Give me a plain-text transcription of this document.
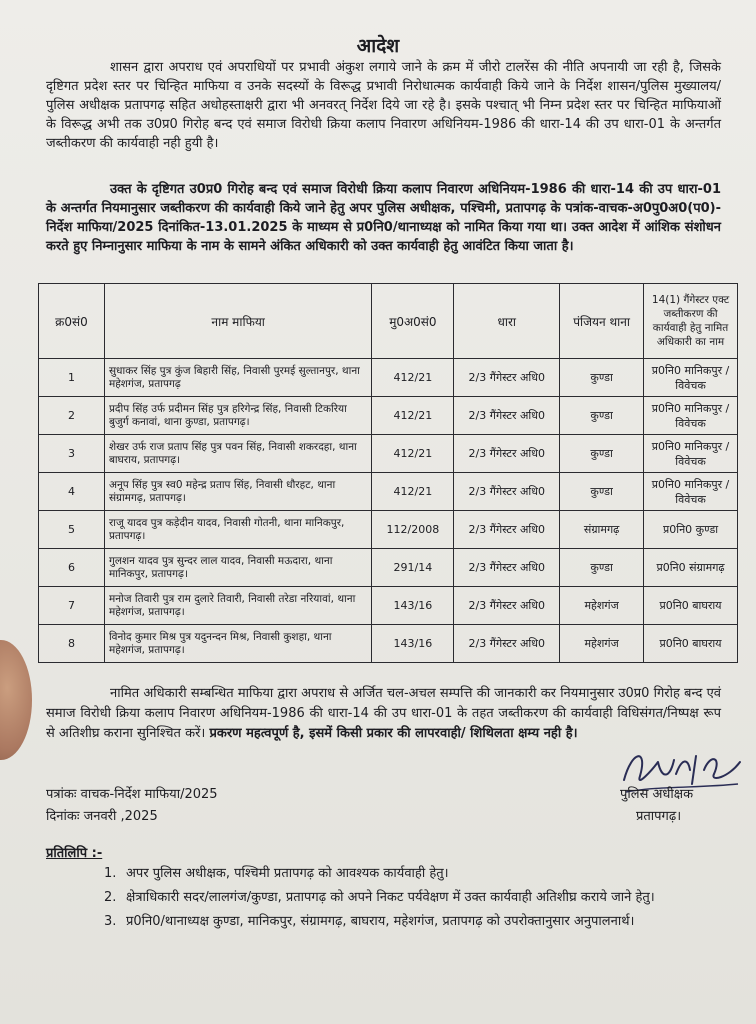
आदेश

शासन द्वारा अपराध एवं अपराधियों पर प्रभावी अंकुश लगाये जाने के क्रम में जीरो टालरेंस की नीति अपनायी जा रही है, जिसके दृष्टिगत प्रदेश स्तर पर चिन्हित माफिया व उनके सदस्यों के विरूद्ध प्रभावी निरोधात्मक कार्यवाही किये जाने के निर्देश शासन/पुलिस मुख्यालय/पुलिस अधीक्षक प्रतापगढ़ सहित अधोहस्ताक्षरी द्वारा भी अनवरत् निर्देश दिये जा रहे है। इसके पश्चात् भी निम्न प्रदेश स्तर पर चिन्हित माफियाओं के विरूद्ध अभी तक उ0प्र0 गिरोह बन्द एवं समाज विरोधी क्रिया कलाप निवारण अधिनियम-1986 की धारा-14 की उप धारा-01 के अन्तर्गत जब्तीकरण की कार्यवाही नही हुयी है।

उक्त के दृष्टिगत उ0प्र0 गिरोह बन्द एवं समाज विरोधी क्रिया कलाप निवारण अधिनियम-1986 की धारा-14 की उप धारा-01 के अन्तर्गत नियमानुसार जब्तीकरण की कार्यवाही किये जाने हेतु अपर पुलिस अधीक्षक, पश्चिमी, प्रतापगढ़ के पत्रांक-वाचक-अ0पु0अ0(प0)-निर्देश माफिया/2025 दिनांकित-13.01.2025 के माध्यम से प्र0नि0/थानाध्यक्ष को नामित किया गया था। उक्त आदेश में आंशिक संशोधन करते हुए निम्नानुसार माफिया के नाम के सामने अंकित अधिकारी को उक्त कार्यवाही हेतु आवंटित किया जाता है।

क्र0सं0	नाम माफिया	मु0अ0सं0	धारा	पंजियन थाना	14(1) गैंगेस्टर एक्ट जब्तीकरण की कार्यवाही हेतु नामित अधिकारी का नाम
1	सुधाकर सिंह पुत्र कुंज बिहारी सिंह, निवासी पुरमई सुल्तानपुर, थाना महेशगंज, प्रतापगढ़	412/21	2/3 गैंगेस्टर अधि0	कुण्डा	प्र0नि0 मानिकपुर /विवेचक
2	प्रदीप सिंह उर्फ प्रदीमन सिंह पुत्र हरिगेन्द्र सिंह, निवासी टिकरिया बुजुर्ग कनावां, थाना कुण्डा, प्रतापगढ़।	412/21	2/3 गैंगेस्टर अधि0	कुण्डा	प्र0नि0 मानिकपुर /विवेचक
3	शेखर उर्फ राज प्रताप सिंह पुत्र पवन सिंह, निवासी शकरदहा, थाना बाघराय, प्रतापगढ़।	412/21	2/3 गैंगेस्टर अधि0	कुण्डा	प्र0नि0 मानिकपुर /विवेचक
4	अनूप सिंह पुत्र स्व0 महेन्द्र प्रताप सिंह, निवासी धौरहट, थाना संग्रामगढ़, प्रतापगढ़।	412/21	2/3 गैंगेस्टर अधि0	कुण्डा	प्र0नि0 मानिकपुर /विवेचक
5	राजू यादव पुत्र कड़ेदीन यादव, निवासी गोतनी, थाना मानिकपुर, प्रतापगढ़।	112/2008	2/3 गैंगेस्टर अधि0	संग्रामगढ़	प्र0नि0 कुण्डा
6	गुलशन यादव पुत्र सुन्दर लाल यादव, निवासी मऊदारा, थाना मानिकपुर, प्रतापगढ़।	291/14	2/3 गैंगेस्टर अधि0	कुण्डा	प्र0नि0 संग्रामगढ़
7	मनोज तिवारी पुत्र राम दुलारे तिवारी, निवासी तरेडा नरियावां, थाना महेशगंज, प्रतापगढ़।	143/16	2/3 गैंगेस्टर अधि0	महेशगंज	प्र0नि0 बाघराय
8	विनोद कुमार मिश्र पुत्र यदुनन्दन मिश्र, निवासी कुशहा, थाना महेशगंज, प्रतापगढ़।	143/16	2/3 गैंगेस्टर अधि0	महेशगंज	प्र0नि0 बाघराय

नामित अधिकारी सम्बन्धित माफिया द्वारा अपराध से अर्जित चल-अचल सम्पत्ति की जानकारी कर नियमानुसार उ0प्र0 गिरोह बन्द एवं समाज विरोधी क्रिया कलाप निवारण अधिनियम-1986 की धारा-14 की उप धारा-01 के तहत जब्तीकरण की कार्यवाही विधिसंगत/निष्पक्ष रूप से अतिशीघ्र कराना सुनिश्चित करें। प्रकरण महत्वपूर्ण है, इसमें किसी प्रकार की लापरवाही/ शिथिलता क्षम्य नही है।

पत्रांकः वाचक-निर्देश माफिया/2025
दिनांकः जनवरी ,2025
पुलिस अधीक्षक
प्रतापगढ़।
प्रतिलिपि :-
1. अपर पुलिस अधीक्षक, पश्चिमी प्रतापगढ़ को आवश्यक कार्यवाही हेतु।
2. क्षेत्राधिकारी सदर/लालगंज/कुण्डा, प्रतापगढ़ को अपने निकट पर्यवेक्षण में उक्त कार्यवाही अतिशीघ्र कराये जाने हेतु।
3. प्र0नि0/थानाध्यक्ष कुण्डा, मानिकपुर, संग्रामगढ़, बाघराय, महेशगंज, प्रतापगढ़ को उपरोक्तानुसार अनुपालनार्थ।
